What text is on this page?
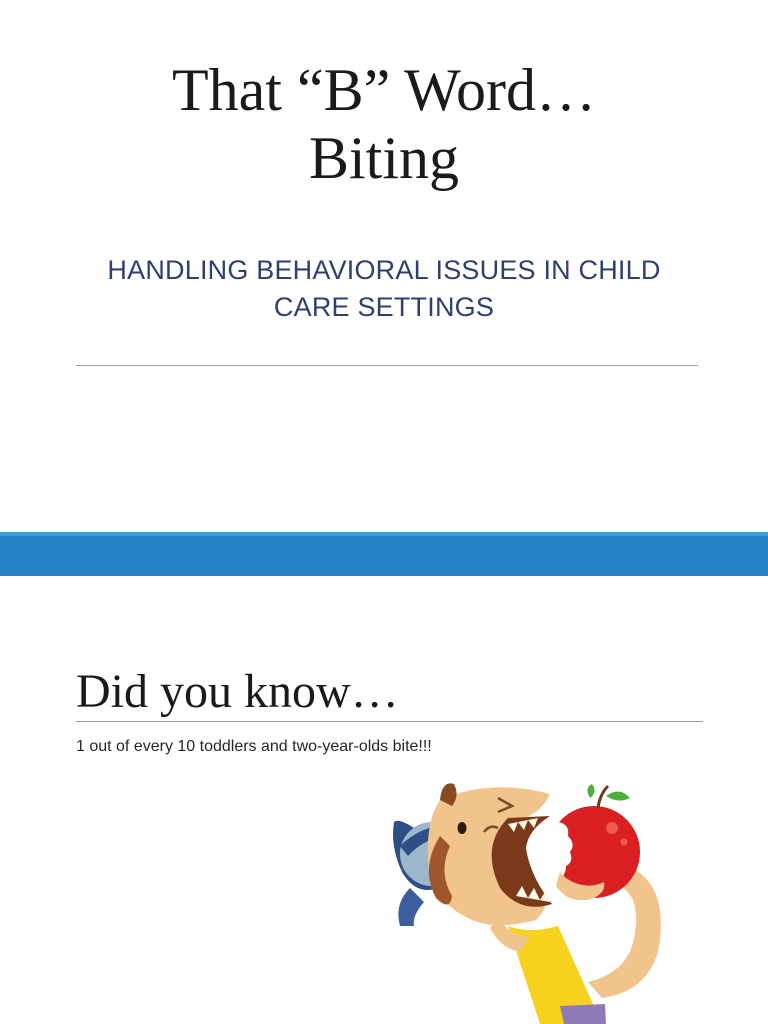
That “B” Word…
Biting
HANDLING BEHAVIORAL ISSUES IN CHILD
CARE SETTINGS
Did you know…

1 out of every 10 toddlers and two-year-olds bite!!!
